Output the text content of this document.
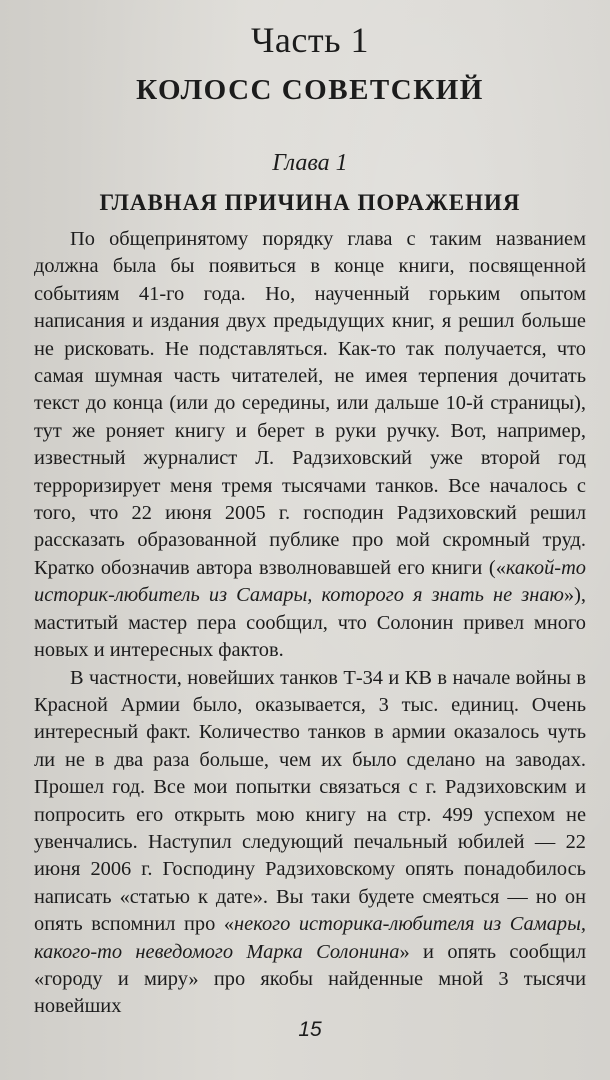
Часть 1
КОЛОСС СОВЕТСКИЙ
Глава 1
ГЛАВНАЯ ПРИЧИНА ПОРАЖЕНИЯ

По общепринятому порядку глава с таким названием должна была бы появиться в конце книги, посвященной событиям 41-го года. Но, наученный горьким опытом написания и издания двух предыдущих книг, я решил больше не рисковать. Не подставляться. Как-то так получается, что самая шумная часть читателей, не имея терпения дочитать текст до конца (или до середины, или дальше 10-й страницы), тут же роняет книгу и берет в руки ручку. Вот, например, известный журналист Л. Радзиховский уже второй год терроризирует меня тремя тысячами танков. Все началось с того, что 22 июня 2005 г. господин Радзиховский решил рассказать образованной публике про мой скромный труд. Кратко обозначив автора взволновавшей его книги («какой-то историк-любитель из Самары, которого я знать не знаю»), маститый мастер пера сообщил, что Солонин привел много новых и интересных фактов.

В частности, новейших танков Т-34 и КВ в начале войны в Красной Армии было, оказывается, 3 тыс. единиц. Очень интересный факт. Количество танков в армии оказалось чуть ли не в два раза больше, чем их было сделано на заводах. Прошел год. Все мои попытки связаться с г. Радзиховским и попросить его открыть мою книгу на стр. 499 успехом не увенчались. Наступил следующий печальный юбилей — 22 июня 2006 г. Господину Радзиховскому опять понадобилось написать «статью к дате». Вы таки будете смеяться — но он опять вспомнил про «некого историка-любителя из Самары, какого-то неведомого Марка Солонина» и опять сообщил «городу и миру» про якобы найденные мной 3 тысячи новейших

15
